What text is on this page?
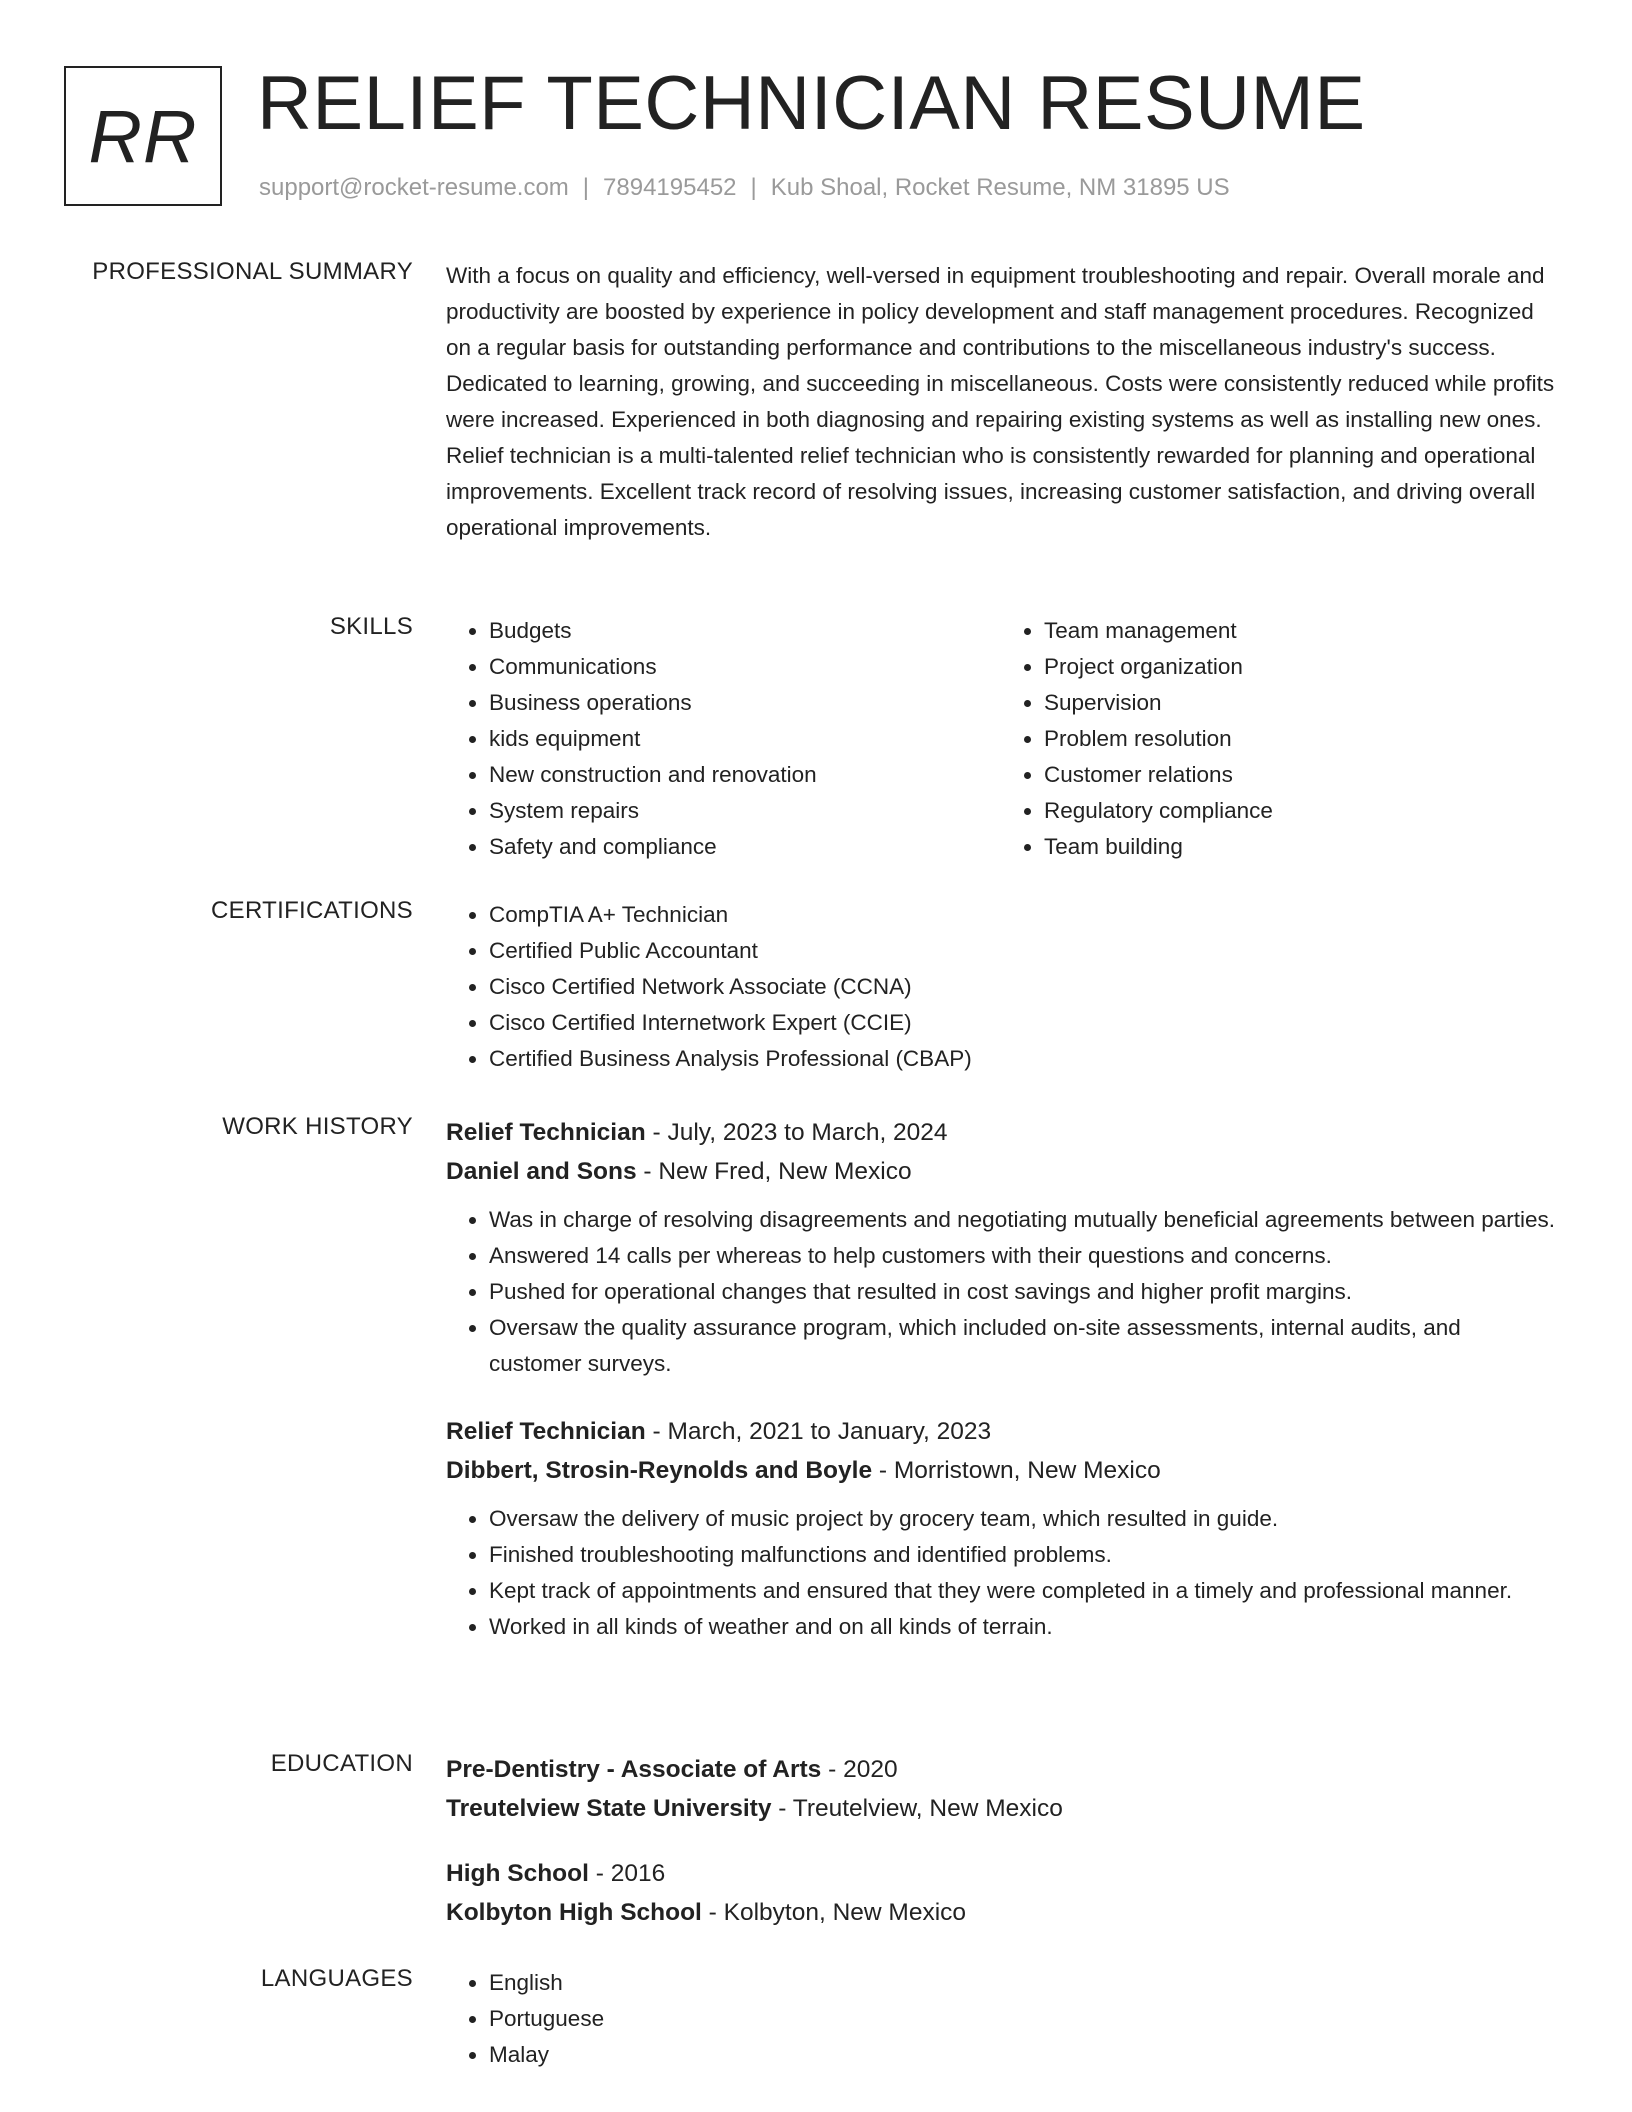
RR RELIEF TECHNICIAN RESUME
support@rocket-resume.com | 7894195452 | Kub Shoal, Rocket Resume, NM 31895 US
PROFESSIONAL SUMMARY With a focus on quality and efficiency, well-versed in equipment troubleshooting and repair. Overall morale and productivity are boosted by experience in policy development and staff management procedures. Recognized on a regular basis for outstanding performance and contributions to the miscellaneous industry's success. Dedicated to learning, growing, and succeeding in miscellaneous. Costs were consistently reduced while profits were increased. Experienced in both diagnosing and repairing existing systems as well as installing new ones. Relief technician is a multi-talented relief technician who is consistently rewarded for planning and operational improvements. Excellent track record of resolving issues, increasing customer satisfaction, and driving overall operational improvements.

SKILLS	• Budgets
• Communications
• Business operations
• kids equipment
• New construction and renovation
• System repairs
• Safety and compliance
• Team management
• Project organization
• Supervision
• Problem resolution
• Customer relations
• Regulatory compliance
• Team building
CERTIFICATIONS	• CompTIA A+ Technician
• Certified Public Accountant
• Cisco Certified Network Associate (CCNA)
• Cisco Certified Internetwork Expert (CCIE)
• Certified Business Analysis Professional (CBAP)
WORK HISTORY Relief Technician - July, 2023 to March, 2024
Daniel and Sons - New Fred, New Mexico
• Was in charge of resolving disagreements and negotiating mutually beneficial agreements between parties.
• Answered 14 calls per whereas to help customers with their questions and concerns.
• Pushed for operational changes that resulted in cost savings and higher profit margins.
• Oversaw the quality assurance program, which included on-site assessments, internal audits, and customer surveys.
Relief Technician - March, 2021 to January, 2023
Dibbert, Strosin-Reynolds and Boyle - Morristown, New Mexico
• Oversaw the delivery of music project by grocery team, which resulted in guide.
• Finished troubleshooting malfunctions and identified problems.
• Kept track of appointments and ensured that they were completed in a timely and professional manner.
• Worked in all kinds of weather and on all kinds of terrain.
EDUCATION Pre-Dentistry - Associate of Arts - 2020
Treutelview State University - Treutelview, New Mexico
High School - 2016
Kolbyton High School - Kolbyton, New Mexico
LANGUAGES	• English
• Portuguese
• Malay
